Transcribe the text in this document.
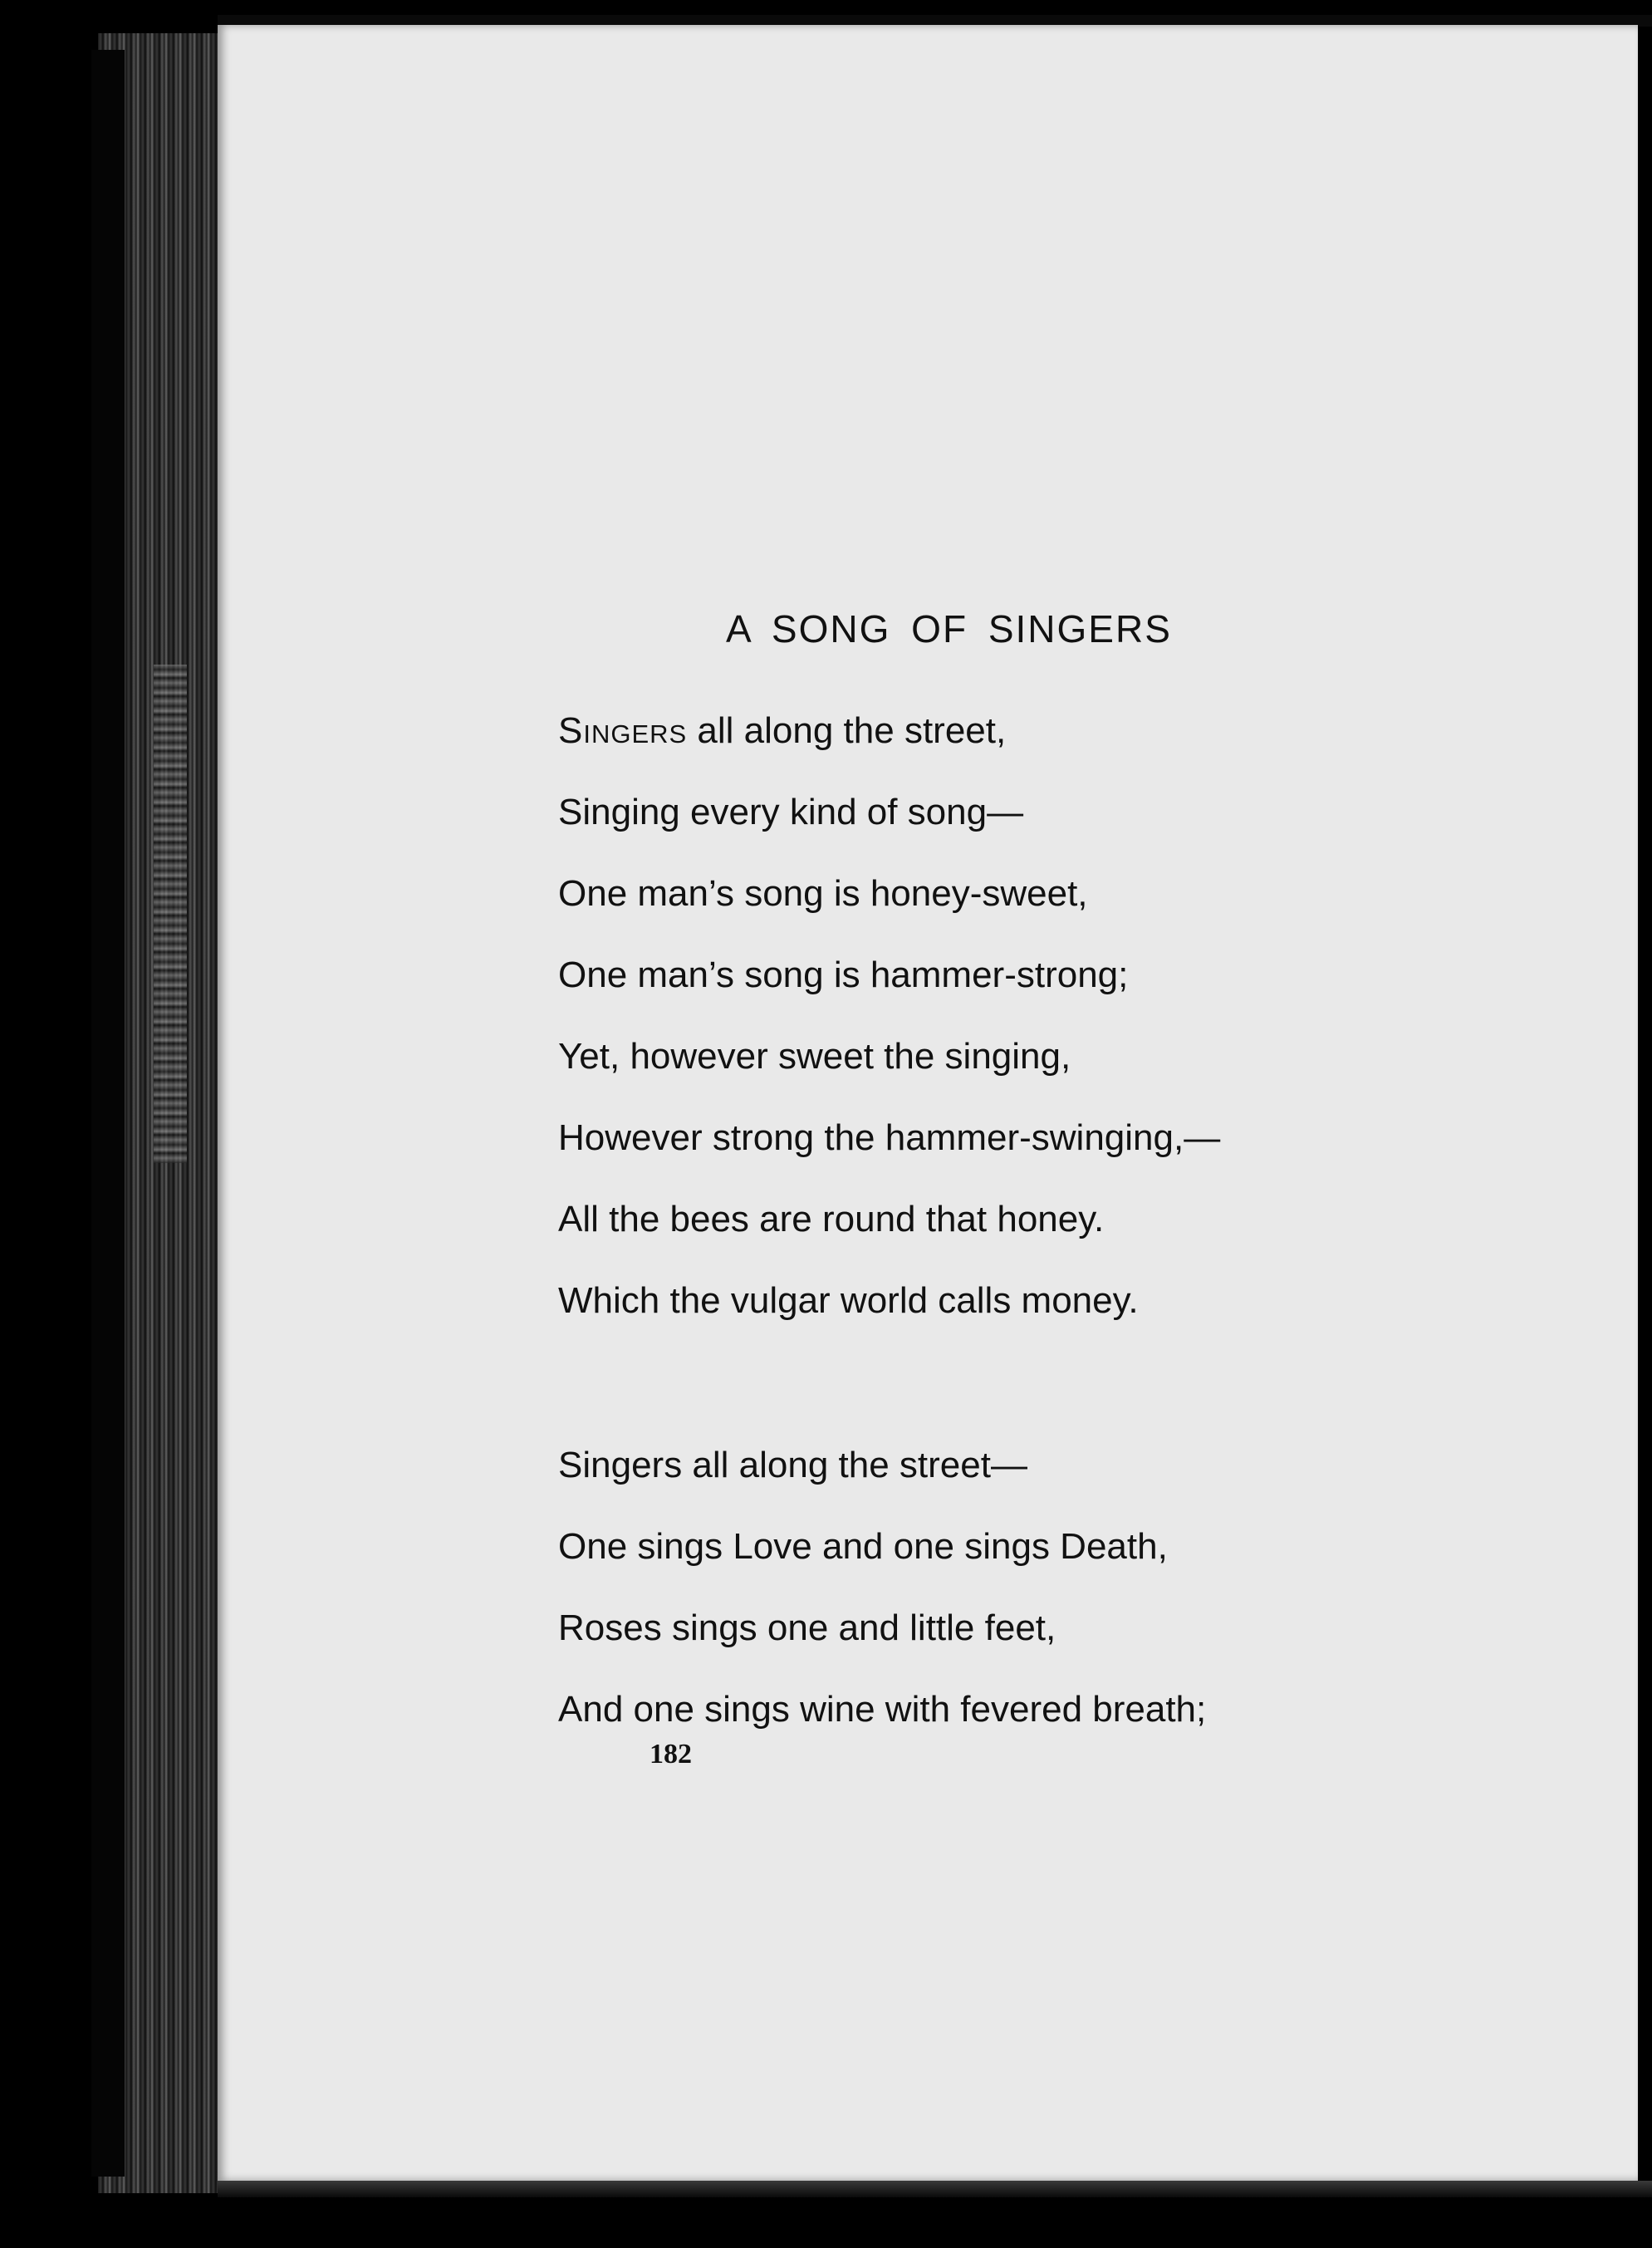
A SONG OF SINGERS
Singers all along the street,
Singing every kind of song—
One man’s song is honey-sweet,
One man’s song is hammer-strong;
Yet, however sweet the singing,
However strong the hammer-swinging,—
All the bees are round that honey.
Which the vulgar world calls money.
Singers all along the street—
One sings Love and one sings Death,
Roses sings one and little feet,
And one sings wine with fevered breath;
182
